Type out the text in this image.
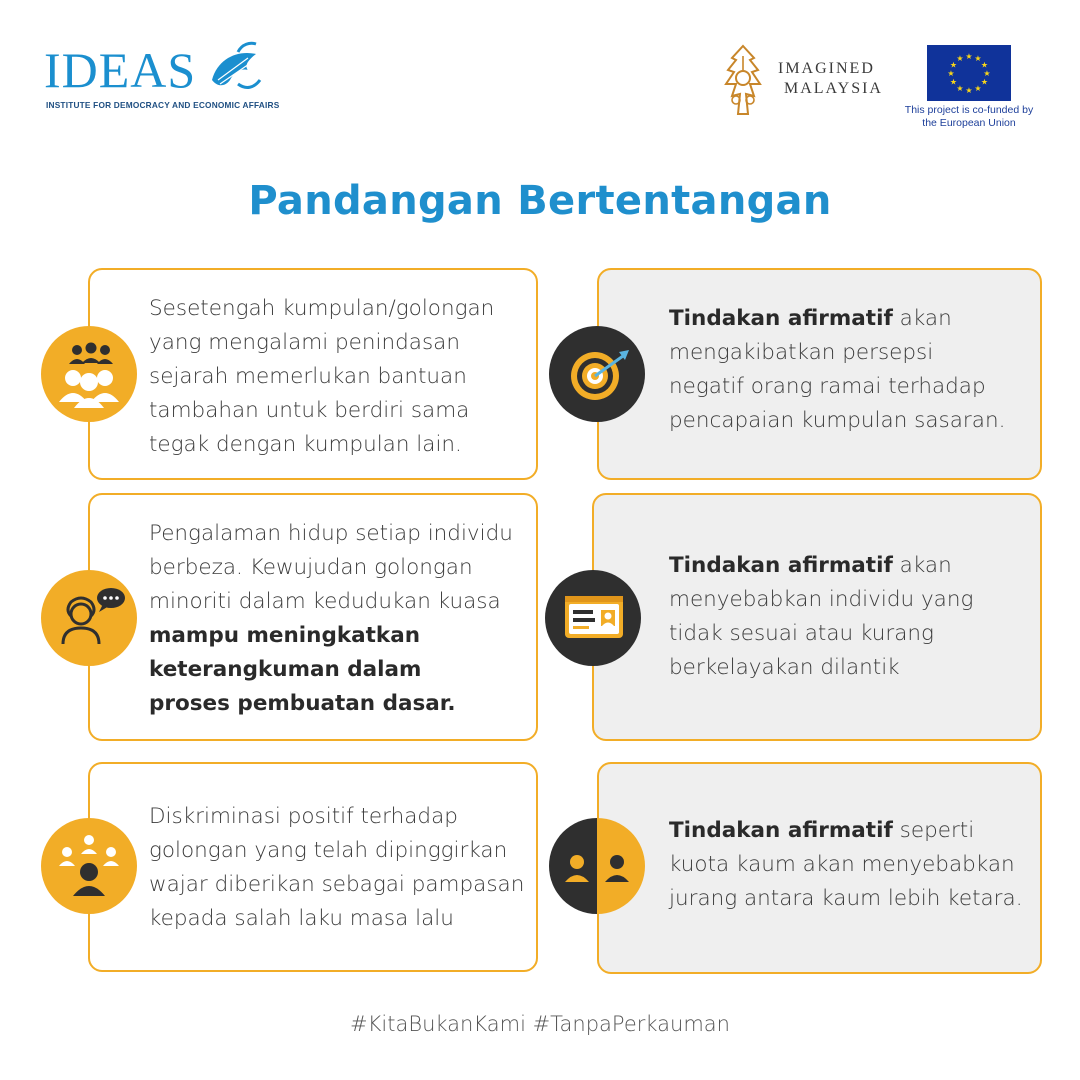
IDEAS
INSTITUTE FOR DEMOCRACY AND ECONOMIC AFFAIRS
IMAGINED
MALAYSIA
★ ★
★
★
★
★
★
★
★
★
★
★
This project is co-funded by
the European Union
Pandangan Bertentangan
Sesetengah kumpulan/golongan
yang mengalami penindasan
sejarah memerlukan bantuan
tambahan untuk berdiri sama
tegak dengan kumpulan lain.
Pengalaman hidup setiap individu
berbeza. Kewujudan golongan
minoriti dalam kedudukan kuasa
mampu meningkatkan
keterangkuman dalam
proses pembuatan dasar.
Diskriminasi positif terhadap
golongan yang telah dipinggirkan
wajar diberikan sebagai pampasan
kepada salah laku masa lalu
Tindakan afirmatif akan
mengakibatkan persepsi
negatif orang ramai terhadap
pencapaian kumpulan sasaran.
Tindakan afirmatif akan
menyebabkan individu yang
tidak sesuai atau kurang
berkelayakan dilantik
Tindakan afirmatif seperti
kuota kaum akan menyebabkan
jurang antara kaum lebih ketara.
#KitaBukanKami #TanpaPerkauman
